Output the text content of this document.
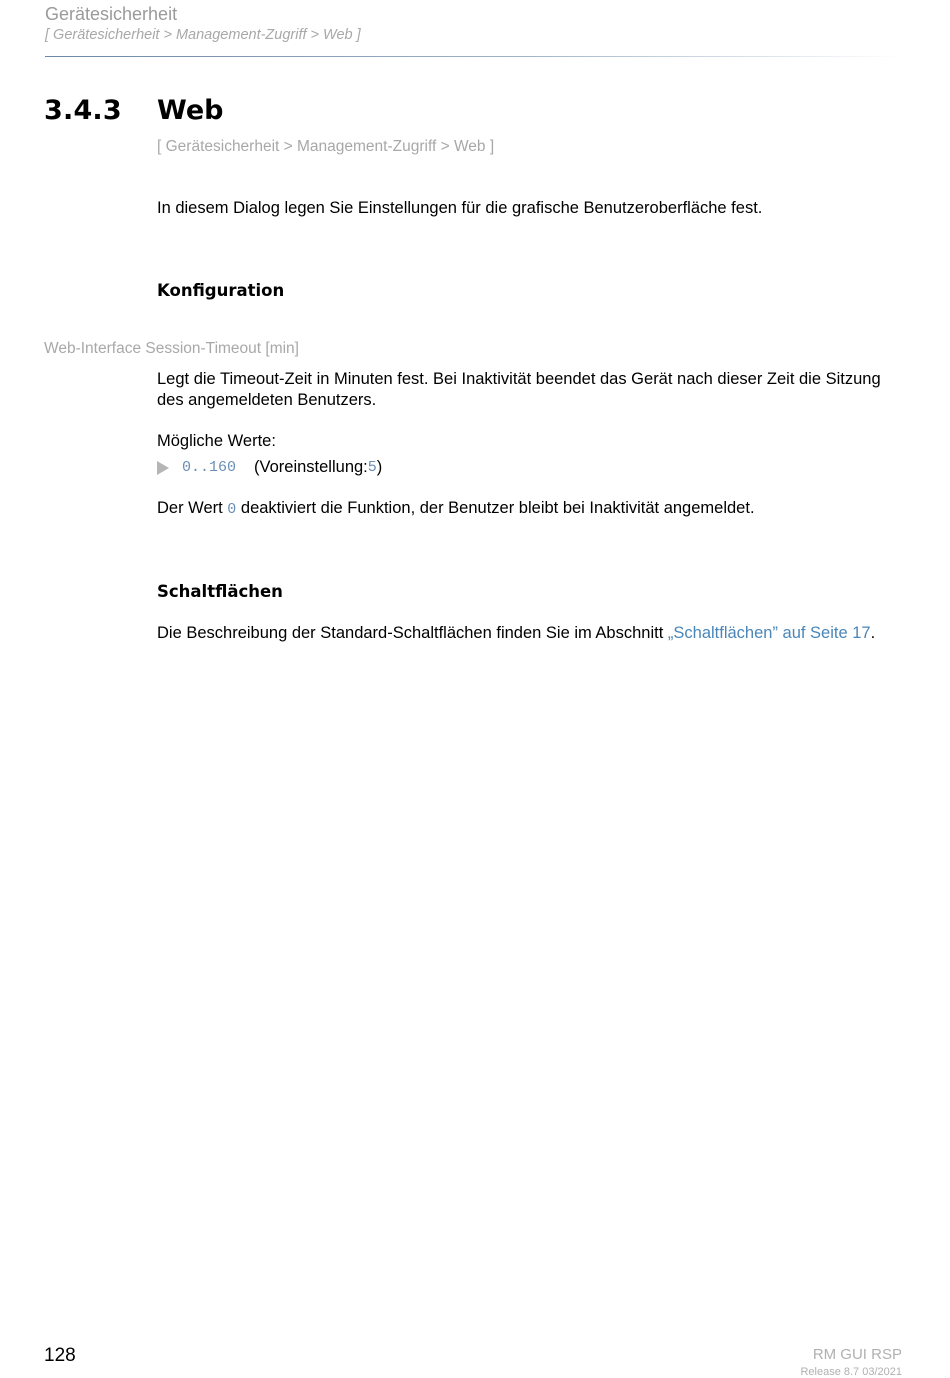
Gerätesicherheit
[ Gerätesicherheit > Management-Zugriff > Web ]
3.4.3 Web
[ Gerätesicherheit > Management-Zugriff > Web ]
In diesem Dialog legen Sie Einstellungen für die grafische Benutzeroberfläche fest.
Konfiguration
Web-Interface Session-Timeout [min]
Legt die Timeout-Zeit in Minuten fest. Bei Inaktivität beendet das Gerät nach dieser Zeit die Sitzung des angemeldeten Benutzers.
Mögliche Werte:
0..160 (Voreinstellung: 5 )
Der Wert 0 deaktiviert die Funktion, der Benutzer bleibt bei Inaktivität angemeldet.
Schaltflächen
Die Beschreibung der Standard-Schaltflächen finden Sie im Abschnitt „Schaltflächen” auf Seite 17.
128	RM GUI RSP
Release 8.7 03/2021
